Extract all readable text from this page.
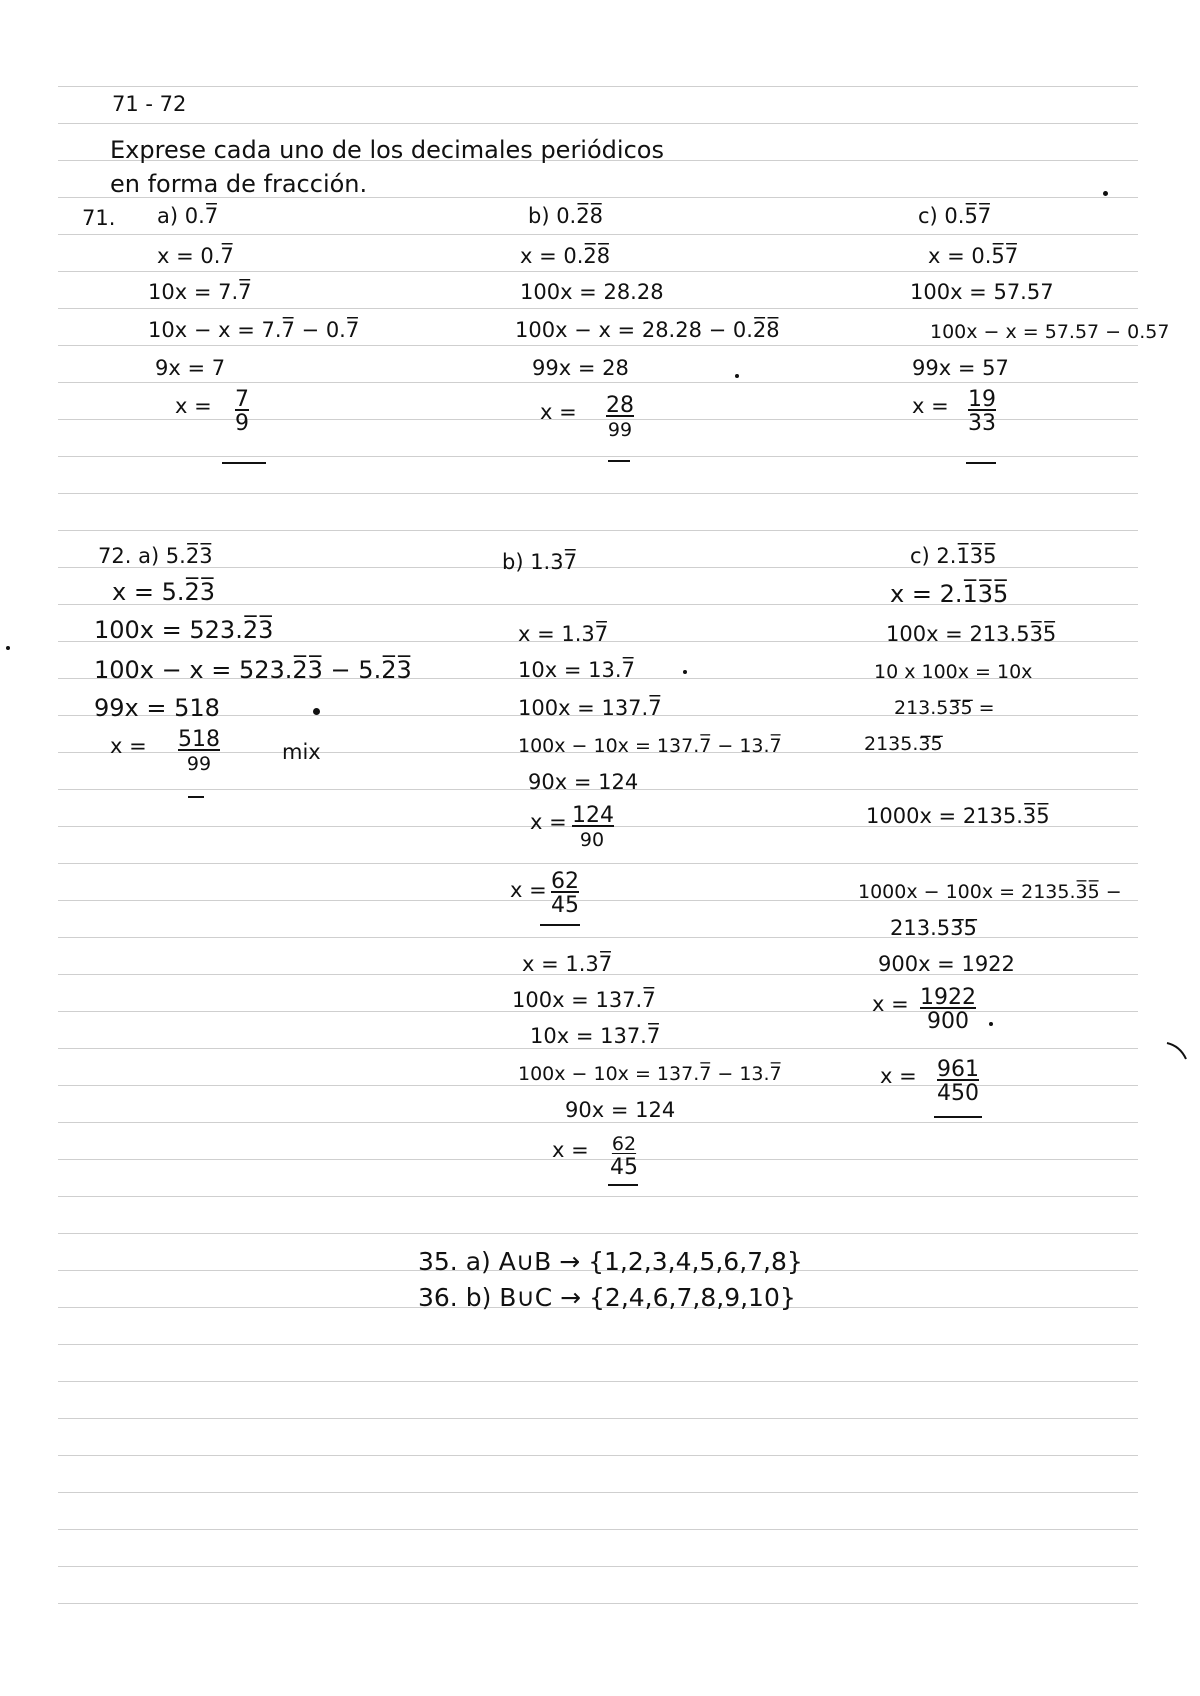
71 - 72
Exprese cada uno de los decimales periódicos
en forma de fracción.
71. a) 0.7̅
x = 0.7̅
10x = 7.7̅
10x − x = 7.7̅ − 0.7̅
9x = 7
$x = \frac{7}{9}$
b) 0.2̅8̅
x = 0.2̅8̅
100x = 28.28
100x − x = 28.28 − 0.2̅8̅
99x = 28
$x = \frac{28}{99}$
c) 0.5̅7̅
x = 0.5̅7̅
100x = 57.57
100x − x = 57.57 − 0.57
99x = 57
$x = \frac{19}{33}$
72. a) 5.2̅3̅
x = 5.2̅3̅
100x = 523.2̅3̅
100x − x = 523.2̅3̅ − 5.2̅3̅
99x = 518
$x = \frac{518}{99}$	mix
b) 1.37̅
x = 1.37̅
10x = 13.7̅
100x = 137.7̅
100x − 10x = 137.7̅ − 13.7̅
90x = 124
$x = \frac{124}{90}$
$x = \frac{62}{45}$
x = 1.37̅
100x = 137.7̅
10x = 137.7̅
100x − 10x = 137.7̅ − 13.7̅
90x = 124
$x = \frac{62}{45}$
c) 2.1̅3̅5̅
x = 2.1̅3̅5̅
100x = 213.53̅5̅
10 x 100x = 10x
213.53̅5̅ =
2135.3̅5̅
1000x = 2135.3̅5̅
1000x − 100x = 2135.3̅5̅ −
213.53̅5̅
900x = 1922
$x = \frac{1922}{900}$
$x = \frac{961}{450}$
35. a) A∪B → {1,2,3,4,5,6,7,8}
36. b) B∪C → {2,4,6,7,8,9,10}
